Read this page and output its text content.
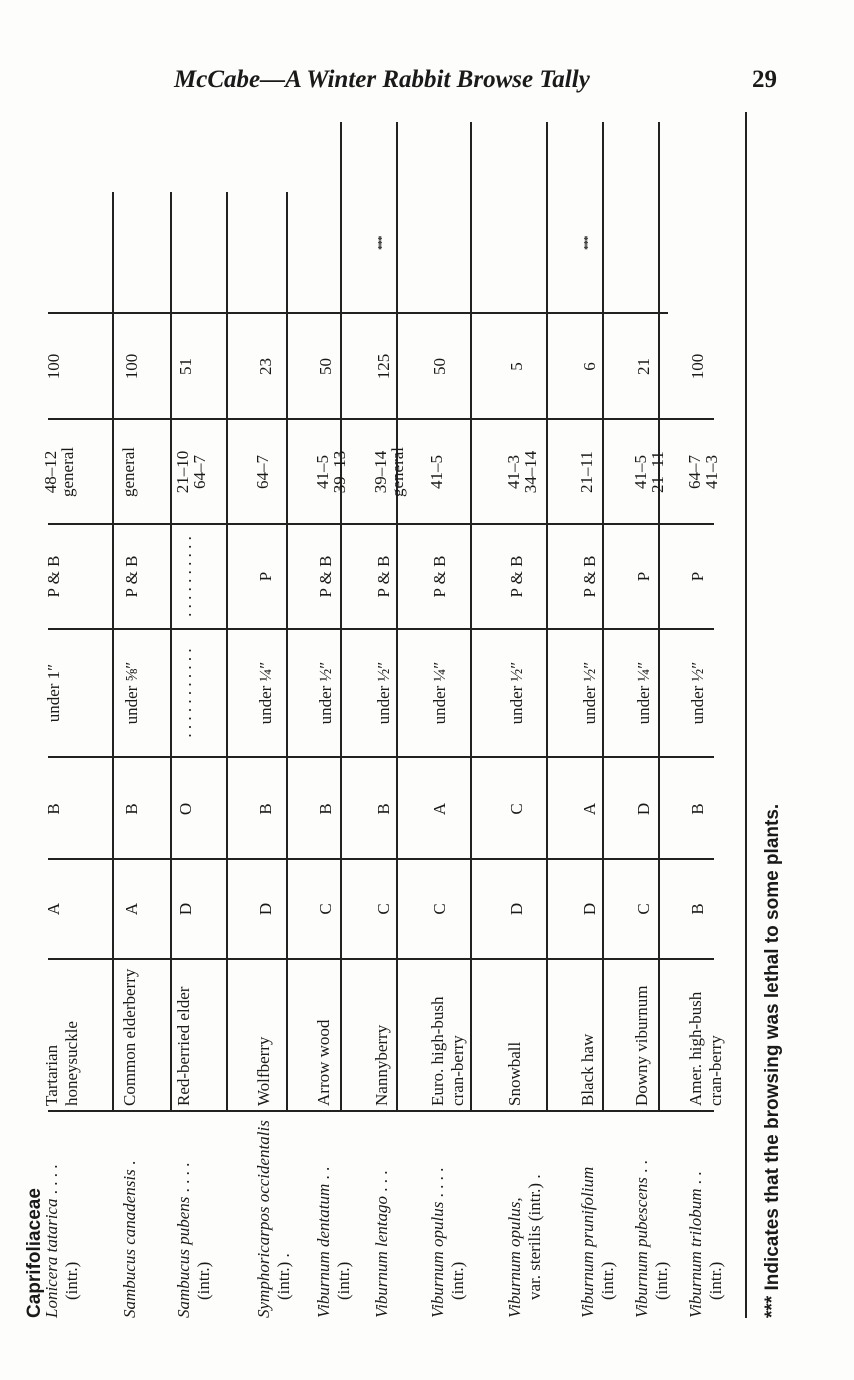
McCabe—A Winter Rabbit Browse Tally	29
Caprifoliaceae
Lonicera tatarica . . . .
(intr.)
Tartarian honeysuckle
A
B
under 1″
P & B
48–12
general
100
Sambucus canadensis .
Common elderberry
A
B
under ⅝″
P & B
general
100
Sambucus pubens . . . .
(intr.)
Red-berried elder
D
O
. . . . . . . . . . .
. . . . . . . . . .
21–10
64–7
51
Symphoricarpos occidentalis (intr.) .
Wolfberry
D
B
under ¼″
P
64–7
23
Viburnum dentatum . .
(intr.)
Arrow wood
C
B
under ½″
P & B
41–5
39–13
50
Viburnum lentago . . .
Nannyberry
C
B
under ½″
P & B
39–14
general
125
***
Viburnum opulus . . . .
(intr.)
Euro. high-bush cran-berry
C
A
under ¼″
P & B
41–5
50
Viburnum opulus, var. sterilis (intr.) .
Snowball
D
C
under ½″
P & B
41–3
34–14
5
Viburnum prunifolium (intr.)
Black haw
D
A
under ½″
P & B
21–11
6
***
Viburnum pubescens . .
(intr.)
Downy viburnum
C
D
under ¼″
P
41–5
21–11
21
Viburnum trilobum . .
(intr.)
Amer. high-bush cran-berry
B
B
under ½″
P
64–7
41–3
100
*** Indicates that the browsing was lethal to some plants.
